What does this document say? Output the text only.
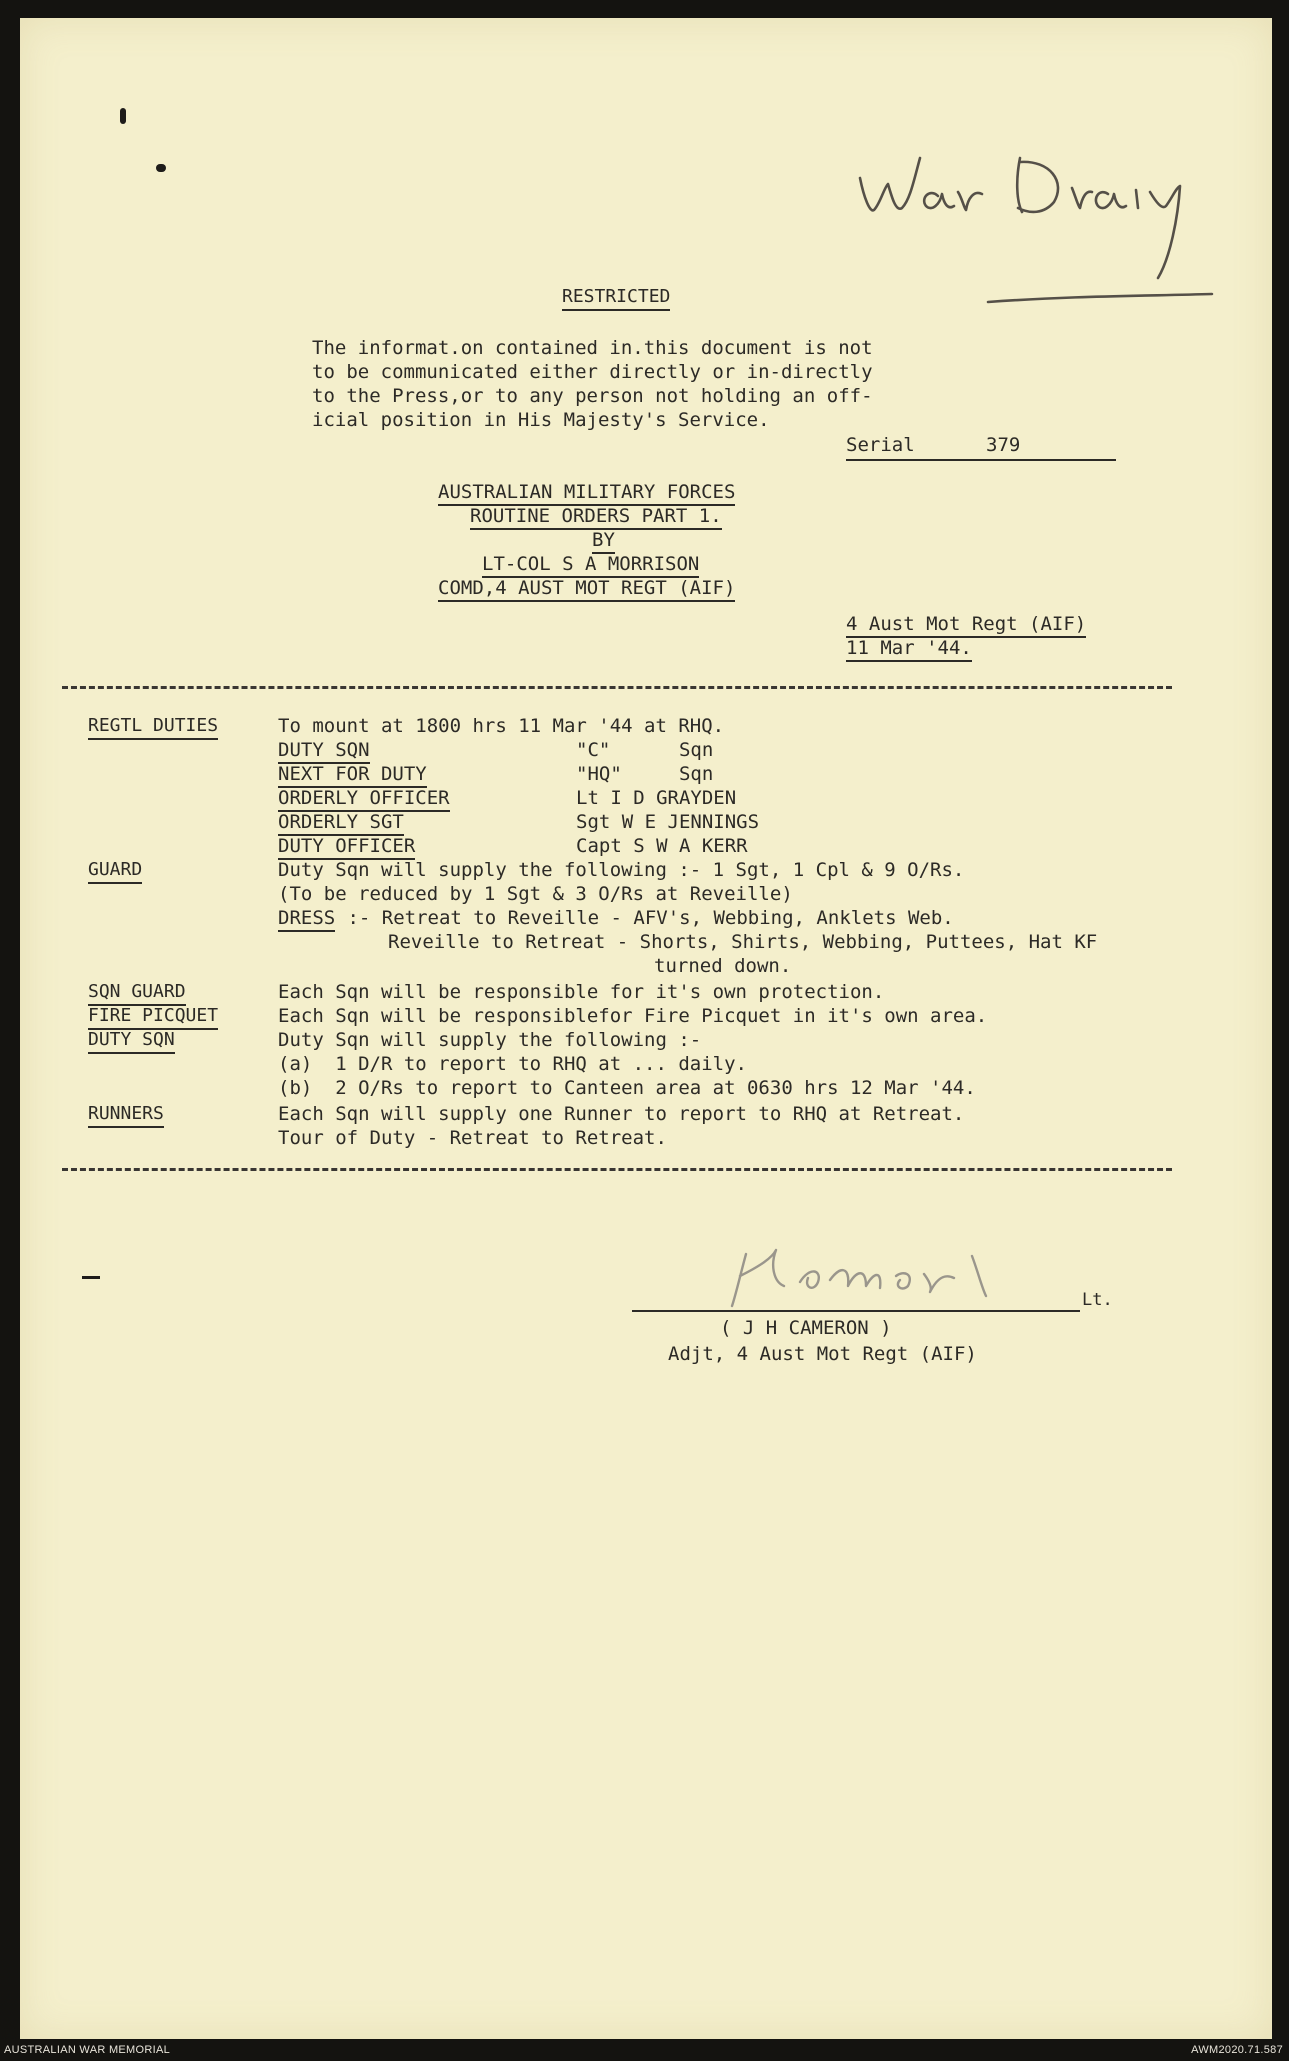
RESTRICTED
The informat.on contained in.this document is not
to be communicated either directly or in-directly
to the Press,or to any person not holding an off-
icial position in His Majesty's Service.
Serial	379
AUSTRALIAN MILITARY FORCES
ROUTINE ORDERS PART 1.
BY
LT-COL S A MORRISON
COMD,4 AUST MOT REGT (AIF)
4 Aust Mot Regt (AIF)
11 Mar '44.
REGTL DUTIES	To mount at 1800 hrs 11 Mar '44 at RHQ.
DUTY SQN	"C"      Sqn
NEXT FOR DUTY	"HQ"     Sqn
ORDERLY OFFICER	Lt I D GRAYDEN
ORDERLY SGT	Sgt W E JENNINGS
DUTY OFFICER	Capt S W A KERR
GUARD	Duty Sqn will supply the following :- 1 Sgt, 1 Cpl & 9 O/Rs.
(To be reduced by 1 Sgt & 3 O/Rs at Reveille)
DRESS :- Retreat to Reveille - AFV's, Webbing, Anklets Web.
Reveille to Retreat - Shorts, Shirts, Webbing, Puttees, Hat KF
turned down.
SQN GUARD	Each Sqn will be responsible for it's own protection.
FIRE PICQUET	Each Sqn will be responsiblefor Fire Picquet in it's own area.
DUTY SQN	Duty Sqn will supply the following :-
(a)  1 D/R to report to RHQ at ... daily.
(b)  2 O/Rs to report to Canteen area at 0630 hrs 12 Mar '44.
RUNNERS	Each Sqn will supply one Runner to report to RHQ at Retreat.
Tour of Duty - Retreat to Retreat.
Lt.
( J H CAMERON )
Adjt, 4 Aust Mot Regt (AIF)
AUSTRALIAN WAR MEMORIAL	AWM2020.71.587
